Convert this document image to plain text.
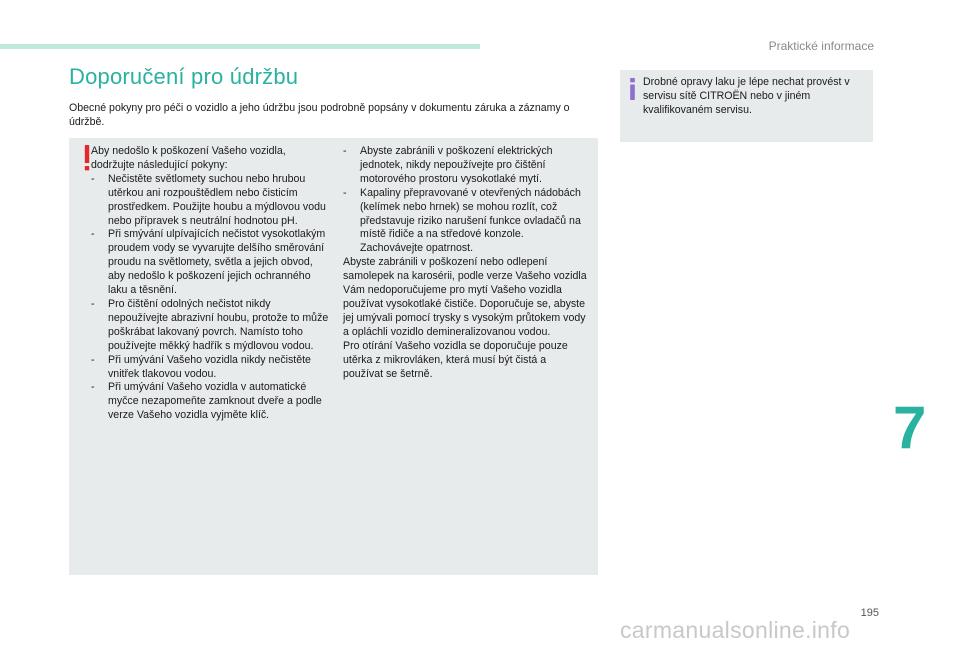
Praktické informace
Doporučení pro údržbu

Obecné pokyny pro péči o vozidlo a jeho údržbu jsou podrobně popsány v dokumentu záruka a záznamy o údržbě.

Aby nedošlo k poškození Vašeho vozidla, dodržujte následující pokyny:
-	Nečistěte světlomety suchou nebo hrubou utěrkou ani rozpouštědlem nebo čisticím prostředkem. Použijte houbu a mýdlovou vodu nebo přípravek s neutrální hodnotou pH.
-	Při smývání ulpívajících nečistot vysokotlakým proudem vody se vyvarujte delšího směrování proudu na světlomety, světla a jejich obvod, aby nedošlo k poškození jejich ochranného laku a těsnění.
-	Pro čištění odolných nečistot nikdy nepoužívejte abrazivní houbu, protože to může poškrábat lakovaný povrch. Namísto toho používejte měkký hadřík s mýdlovou vodou.
-	Při umývání Vašeho vozidla nikdy nečistěte vnitřek tlakovou vodou.
-	Při umývání Vašeho vozidla v automatické myčce nezapomeňte zamknout dveře a podle verze Vašeho vozidla vyjměte klíč.
-	Abyste zabránili v poškození elektrických jednotek, nikdy nepoužívejte pro čištění motorového prostoru vysokotlaké mytí.
-	Kapaliny přepravované v otevřených nádobách (kelímek nebo hrnek) se mohou rozlít, což představuje riziko narušení funkce ovladačů na místě řidiče a na středové konzole. Zachovávejte opatrnost.
Abyste zabránili v poškození nebo odlepení samolepek na karosérii, podle verze Vašeho vozidla Vám nedoporučujeme pro mytí Vašeho vozidla používat vysokotlaké čističe. Doporučuje se, abyste jej umývali pomocí trysky s vysokým průtokem vody a opláchli vozidlo demineralizovanou vodou.
Pro otírání Vašeho vozidla se doporučuje pouze utěrka z mikrovláken, která musí být čistá a používat se šetrně.

Drobné opravy laku je lépe nechat provést v servisu sítě CITROËN nebo v jiném kvalifikovaném servisu.

7
195
carmanualsonline.info
